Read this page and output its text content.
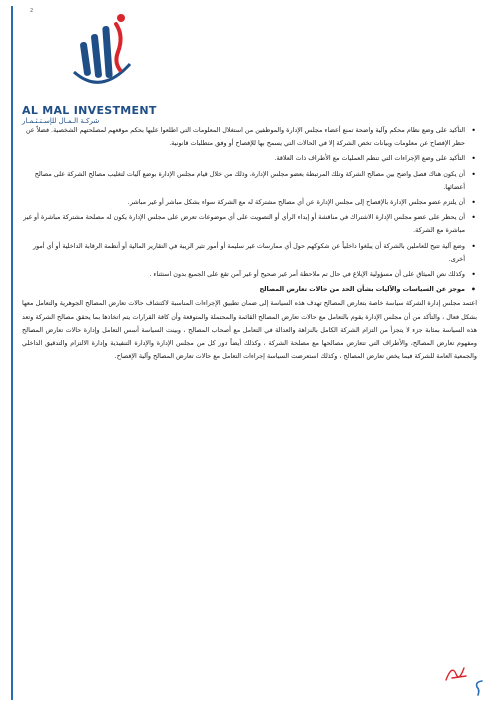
2
AL MAL INVESTMENT
شركـة الـمـال للإسـتـثـمـار
• التأكيد على وضع نظام محكم وآلية واضحة تمنع أعضاء مجلس الإدارة والموظفين من استغلال المعلومات التي اطلعوا عليها بحكم موقعهم لمصلحتهم الشخصية. فضلاً عن حظر الإفصاح عن معلومات وبيانات تخص الشركة إلا في الحالات التي يسمح بها للإفصاح أو وفق متطلبات قانونية.
• التأكيد على وضع الإجراءات التي تنظم العمليات مع الأطراف ذات العلاقة.
• أن يكون هناك فصل واضح بين مصالح الشركة وتلك المرتبطة بعضو مجلس الإدارة، وذلك من خلال قيام مجلس الإدارة بوضع آليات لتغليب مصالح الشركة على مصالح أعضائها.
• أن يلتزم عضو مجلس الإدارة بالإفصاح إلى مجلس الإدارة عن أي مصالح مشتركة له مع الشركة سواء بشكل مباشر أو غير مباشر.
• أن يحظر على عضو مجلس الإدارة الاشتراك في مناقشة أو إبداء الرأي أو التصويت على أي موضوعات تعرض على مجلس الإدارة يكون له مصلحة مشتركة مباشرة أو غير مباشرة مع الشركة.
• وضع آلية تتيح للعاملين بالشركة أن يبلغوا داخلياً عن شكوكهم حول أي ممارسات غير سليمة أو أمور تثير الريبة في التقارير المالية أو أنظمة الرقابة الداخلية أو أي أمور أخرى.
• وكذلك نص الميثاق على أن مسؤولية الإبلاغ في حال تم ملاحظة أمر غير صحيح أو غير آمن تقع على الجميع بدون استثناء .
• موجز عن السياسات والآليات بشأن الحد من حالات تعارض المصالح
اعتمد مجلس إدارة الشركة سياسة خاصة بتعارض المصالح تهدف هذه السياسة إلى ضمان تطبيق الإجراءات المناسبة لاكتشاف حالات تعارض المصالح الجوهرية والتعامل معها بشكل فعال ، والتأكد من أن مجلس الإدارة يقوم بالتعامل مع حالات تعارض المصالح القائمة والمحتملة والمتوقعة وأن كافة القرارات يتم اتخاذها بما يحقق مصالح الشركة وتعد هذه السياسة بمثابة جزء لا يتجزأ من التزام الشركة الكامل بالنزاهة والعدالة في التعامل مع أصحاب المصالح ، وبينت السياسة أسس التعامل وإدارة حالات تعارض المصالح ومفهوم تعارض المصالح، والأطراف التي تتعارض مصالحها مع مصلحة الشركة ، وكذلك أيضاً دور كل من مجلس الإدارة والإدارة التنفيذية وإدارة الالتزام والتدقيق الداخلي والجمعية العامة للشركة فيما يخص تعارض المصالح ، وكذلك استعرضت السياسة إجراءات التعامل مع حالات تعارض المصالح وآلية الإفصاح.
